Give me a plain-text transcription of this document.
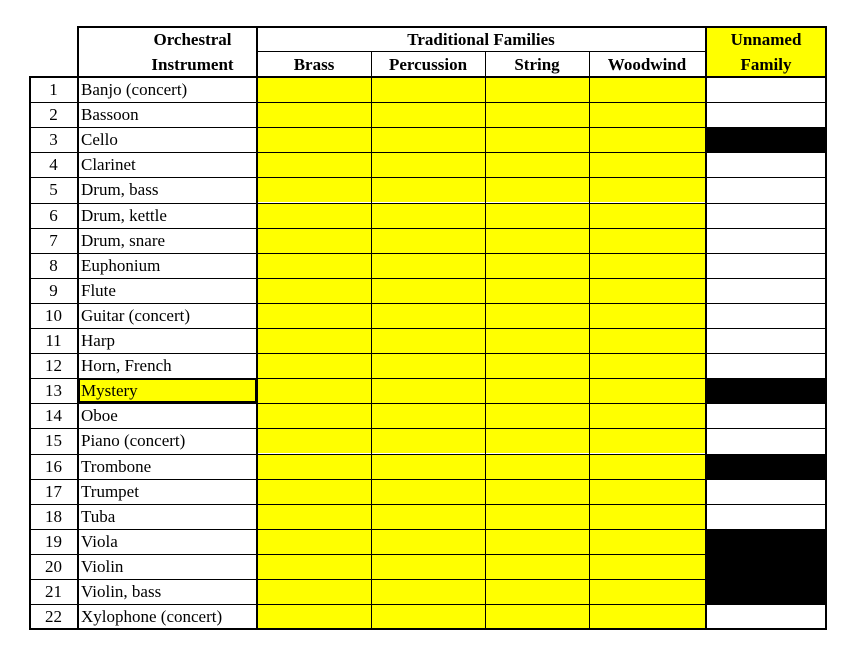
Orchestral
Instrument
Traditional Families
Brass	Percussion	String	Woodwind
Unnamed
Family
1	Banjo (concert)
2	Bassoon
3	Cello
4	Clarinet
5	Drum, bass
6	Drum, kettle
7	Drum, snare
8	Euphonium
9	Flute
10	Guitar (concert)
11	Harp
12	Horn, French
13	Mystery
14	Oboe
15	Piano (concert)
16	Trombone
17	Trumpet
18	Tuba
19	Viola
20	Violin
21	Violin, bass
22	Xylophone (concert)
